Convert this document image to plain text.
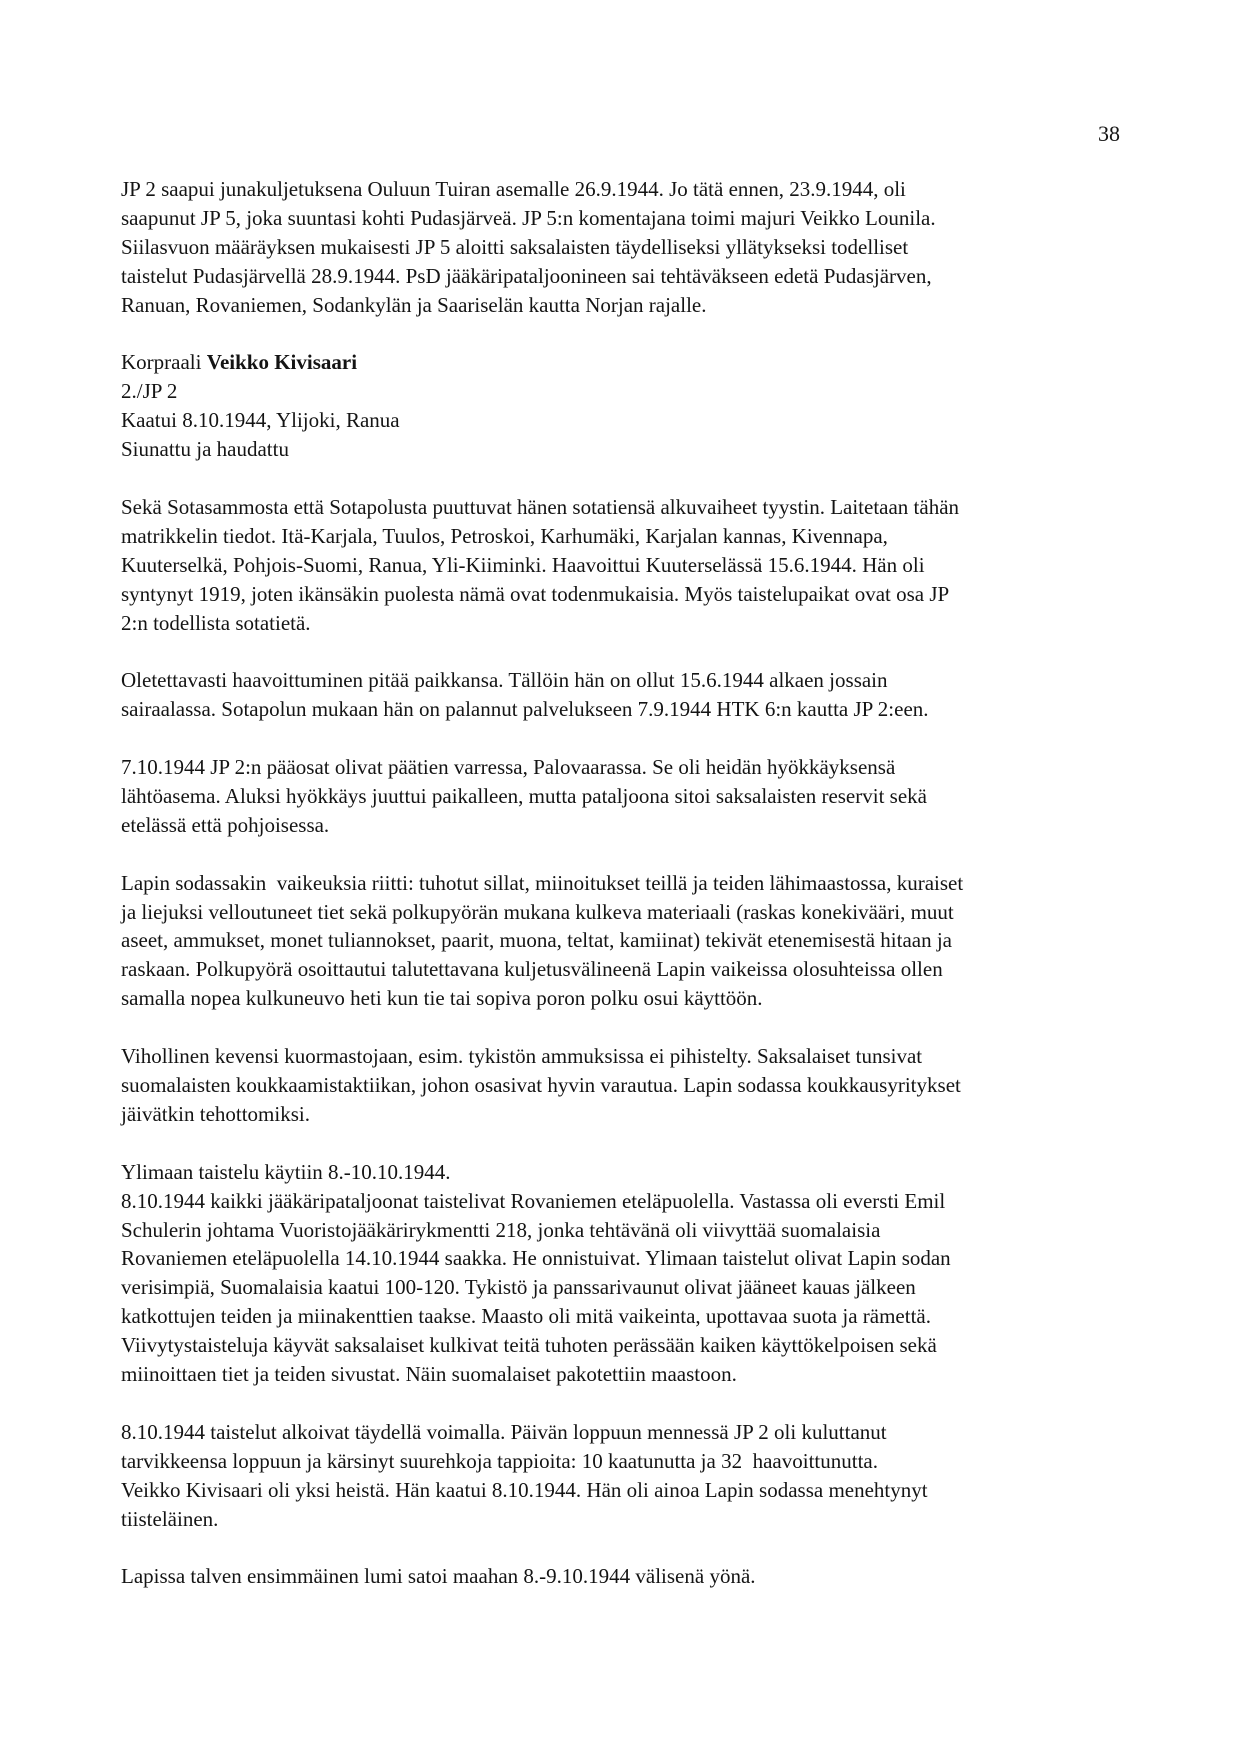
38

JP 2 saapui junakuljetuksena Ouluun Tuiran asemalle 26.9.1944. Jo tätä ennen, 23.9.1944, oli
saapunut JP 5, joka suuntasi kohti Pudasjärveä. JP 5:n komentajana toimi majuri Veikko Lounila.
Siilasvuon määräyksen mukaisesti JP 5 aloitti saksalaisten täydelliseksi yllätykseksi todelliset
taistelut Pudasjärvellä 28.9.1944. PsD jääkäripataljoonineen sai tehtäväkseen edetä Pudasjärven,
Ranuan, Rovaniemen, Sodankylän ja Saariselän kautta Norjan rajalle.

Korpraali Veikko Kivisaari
2./JP 2
Kaatui 8.10.1944, Ylijoki, Ranua
Siunattu ja haudattu

Sekä Sotasammosta että Sotapolusta puuttuvat hänen sotatiensä alkuvaiheet tyystin. Laitetaan tähän
matrikkelin tiedot. Itä-Karjala, Tuulos, Petroskoi, Karhumäki, Karjalan kannas, Kivennapa,
Kuuterselkä, Pohjois-Suomi, Ranua, Yli-Kiiminki. Haavoittui Kuuterselässä 15.6.1944. Hän oli
syntynyt 1919, joten ikänsäkin puolesta nämä ovat todenmukaisia. Myös taistelupaikat ovat osa JP
2:n todellista sotatietä.

Oletettavasti haavoittuminen pitää paikkansa. Tällöin hän on ollut 15.6.1944 alkaen jossain
sairaalassa. Sotapolun mukaan hän on palannut palvelukseen 7.9.1944 HTK 6:n kautta JP 2:een.

7.10.1944 JP 2:n pääosat olivat päätien varressa, Palovaarassa. Se oli heidän hyökkäyksensä
lähtöasema. Aluksi hyökkäys juuttui paikalleen, mutta pataljoona sitoi saksalaisten reservit sekä
etelässä että pohjoisessa.

Lapin sodassakin  vaikeuksia riitti: tuhotut sillat, miinoitukset teillä ja teiden lähimaastossa, kuraiset
ja liejuksi velloutuneet tiet sekä polkupyörän mukana kulkeva materiaali (raskas konekivääri, muut
aseet, ammukset, monet tuliannokset, paarit, muona, teltat, kamiinat) tekivät etenemisestä hitaan ja
raskaan. Polkupyörä osoittautui talutettavana kuljetusvälineenä Lapin vaikeissa olosuhteissa ollen
samalla nopea kulkuneuvo heti kun tie tai sopiva poron polku osui käyttöön.

Vihollinen kevensi kuormastojaan, esim. tykistön ammuksissa ei pihistelty. Saksalaiset tunsivat
suomalaisten koukkaamistaktiikan, johon osasivat hyvin varautua. Lapin sodassa koukkausyritykset
jäivätkin tehottomiksi.

Ylimaan taistelu käytiin 8.-10.10.1944.
8.10.1944 kaikki jääkäripataljoonat taistelivat Rovaniemen eteläpuolella. Vastassa oli eversti Emil
Schulerin johtama Vuoristojääkärirykmentti 218, jonka tehtävänä oli viivyttää suomalaisia
Rovaniemen eteläpuolella 14.10.1944 saakka. He onnistuivat. Ylimaan taistelut olivat Lapin sodan
verisimpiä, Suomalaisia kaatui 100-120. Tykistö ja panssarivaunut olivat jääneet kauas jälkeen
katkottujen teiden ja miinakenttien taakse. Maasto oli mitä vaikeinta, upottavaa suota ja rämettä.
Viivytystaisteluja käyvät saksalaiset kulkivat teitä tuhoten perässään kaiken käyttökelpoisen sekä
miinoittaen tiet ja teiden sivustat. Näin suomalaiset pakotettiin maastoon.

8.10.1944 taistelut alkoivat täydellä voimalla. Päivän loppuun mennessä JP 2 oli kuluttanut
tarvikkeensa loppuun ja kärsinyt suurehkoja tappioita: 10 kaatunutta ja 32  haavoittunutta.
Veikko Kivisaari oli yksi heistä. Hän kaatui 8.10.1944. Hän oli ainoa Lapin sodassa menehtynyt
tiisteläinen.

Lapissa talven ensimmäinen lumi satoi maahan 8.-9.10.1944 välisenä yönä.
